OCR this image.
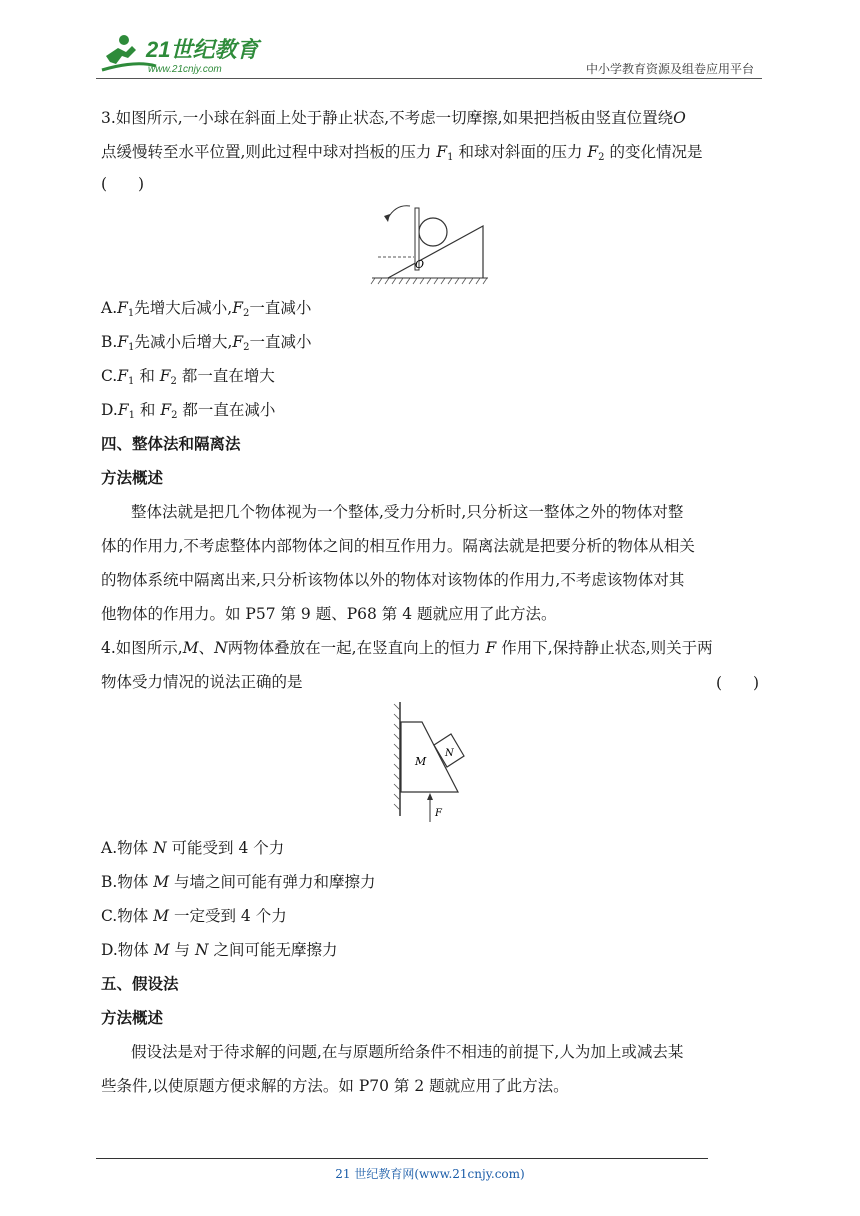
21世纪教育
www.21cnjy.com	中小学教育资源及组卷应用平台
3.如图所示,一小球在斜面上处于静止状态,不考虑一切摩擦,如果把挡板由竖直位置绕O
点缓慢转至水平位置,则此过程中球对挡板的压力 $F_1$ 和球对斜面的压力 $F_2$ 的变化情况是
(　　)
O
$A.F_1$先增大后减小$,F_2$一直减小
$B.F_1$先减小后增大$,F_2$一直减小
$C.F_1$ 和 $F_2$ 都一直在增大
$D.F_1$ 和 $F_2$ 都一直在减小
四、整体法和隔离法
方法概述
整体法就是把几个物体视为一个整体,受力分析时,只分析这一整体之外的物体对整
体的作用力,不考虑整体内部物体之间的相互作用力。隔离法就是把要分析的物体从相关
的物体系统中隔离出来,只分析该物体以外的物体对该物体的作用力,不考虑该物体对其
他物体的作用力。如 P57 第 9 题、P68 第 4 题就应用了此方法。
4.如图所示,M、N两物体叠放在一起,在竖直向上的恒力 F 作用下,保持静止状态,则关于两
物体受力情况的说法正确的是	(　　)
M
N
F
A.物体 N 可能受到 4 个力
B.物体 M 与墙之间可能有弹力和摩擦力
C.物体 M 一定受到 4 个力
D.物体 M 与 N 之间可能无摩擦力
五、假设法
方法概述
假设法是对于待求解的问题,在与原题所给条件不相违的前提下,人为加上或减去某
些条件,以使原题方便求解的方法。如 P70 第 2 题就应用了此方法。
21 世纪教育网(www.21cnjy.com)
